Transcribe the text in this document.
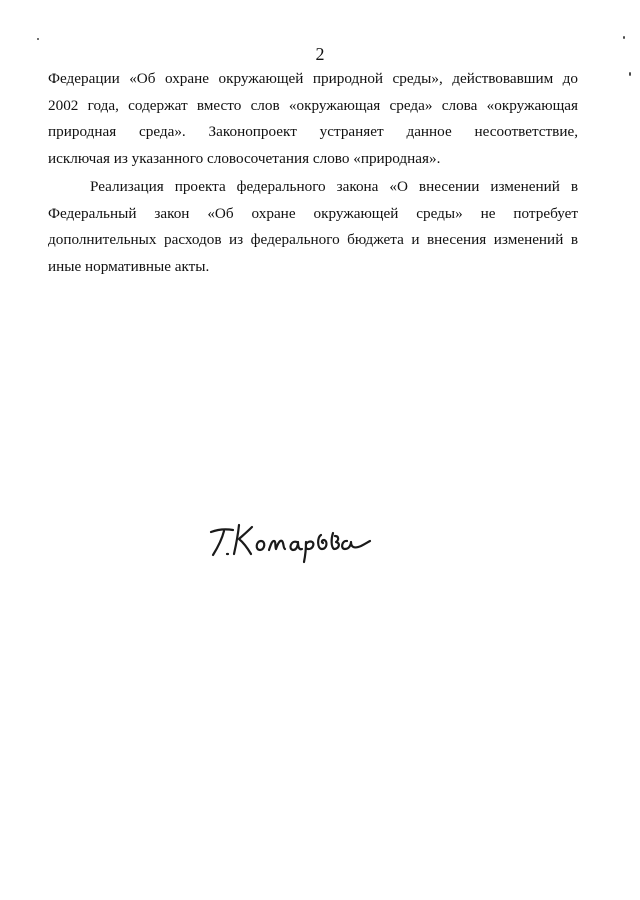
2
Федерации «Об охране окружающей природной среды», действовавшим до
2002 года, содержат вместо слов «окружающая среда» слова «окружающая
природная среда». Законопроект устраняет данное несоответствие,
исключая из указанного словосочетания слово «природная».
Реализация проекта федерального закона «О внесении изменений в
Федеральный закон «Об охране окружающей среды» не потребует
дополнительных расходов из федерального бюджета и внесения изменений в
иные нормативные акты.
